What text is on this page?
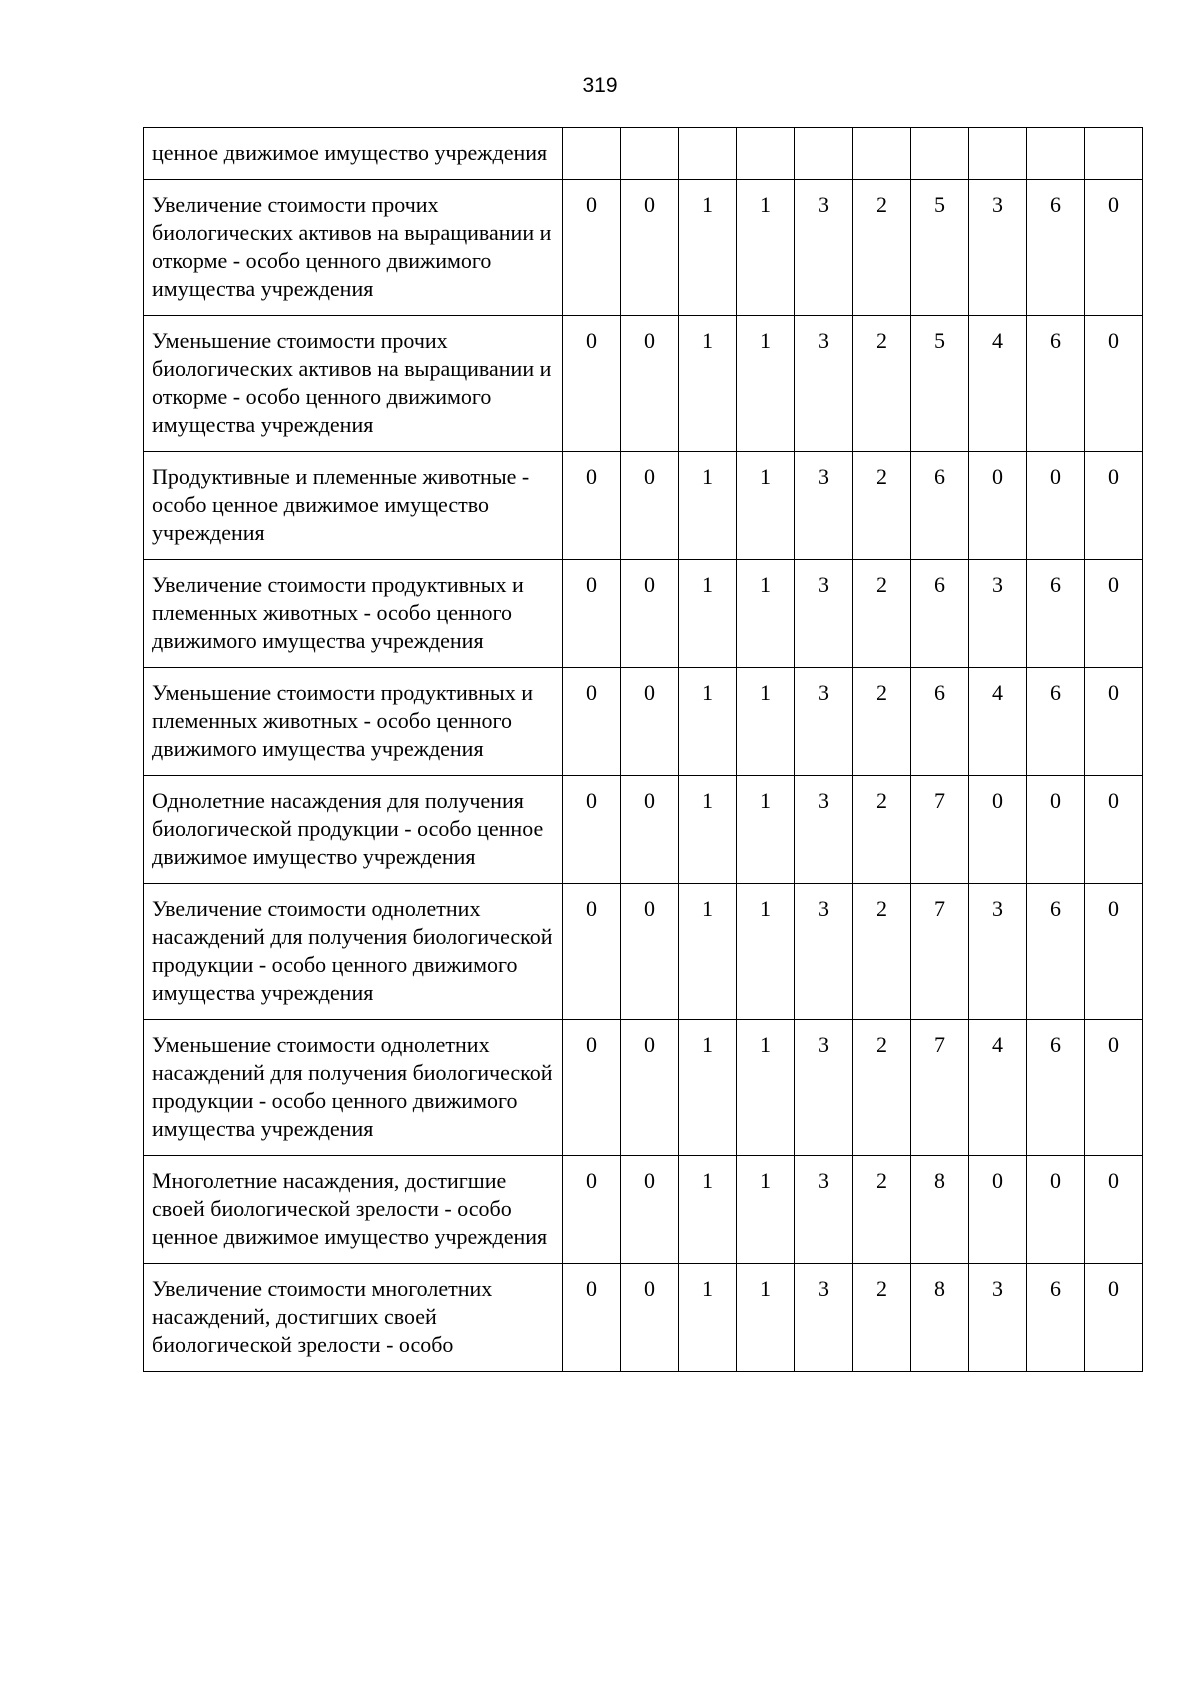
319
ценное движимое имущество учреждения										
Увеличение стоимости прочих биологических активов на выращивании и откорме - особо ценного движимого имущества учреждения	0	0	1	1	3	2	5	3	6	0
Уменьшение стоимости прочих биологических активов на выращивании и откорме - особо ценного движимого имущества учреждения	0	0	1	1	3	2	5	4	6	0
Продуктивные и племенные животные - особо ценное движимое имущество учреждения	0	0	1	1	3	2	6	0	0	0
Увеличение стоимости продуктивных и племенных животных - особо ценного движимого имущества учреждения	0	0	1	1	3	2	6	3	6	0
Уменьшение стоимости продуктивных и племенных животных - особо ценного движимого имущества учреждения	0	0	1	1	3	2	6	4	6	0
Однолетние насаждения для получения биологической продукции - особо ценное движимое имущество учреждения	0	0	1	1	3	2	7	0	0	0
Увеличение стоимости однолетних насаждений для получения биологической продукции - особо ценного движимого имущества учреждения	0	0	1	1	3	2	7	3	6	0
Уменьшение стоимости однолетних насаждений для получения биологической продукции - особо ценного движимого имущества учреждения	0	0	1	1	3	2	7	4	6	0
Многолетние насаждения, достигшие своей биологической зрелости - особо ценное движимое имущество учреждения	0	0	1	1	3	2	8	0	0	0
Увеличение стоимости многолетних насаждений, достигших своей биологической зрелости - особо	0	0	1	1	3	2	8	3	6	0
